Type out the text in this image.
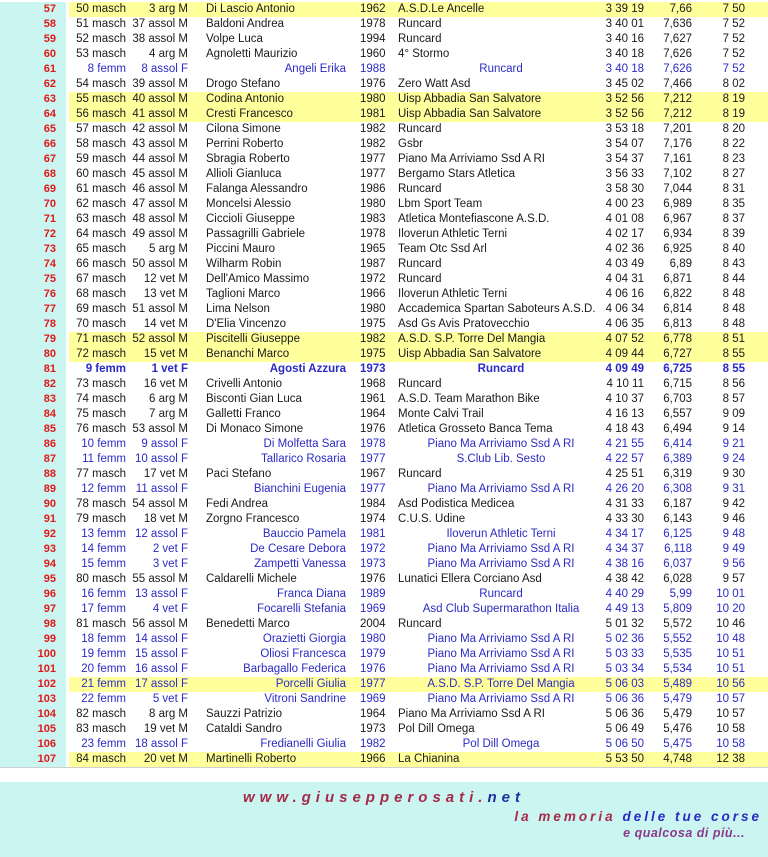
57	50 masch	3 arg M	Di Lascio Antonio	1962	A.S.D.Le Ancelle	3 39 19	7,66	7 50
58	51 masch 37 assol M	Baldoni Andrea	1978	Runcard	3 40 01	7,636	7 52
59	52 masch 38 assol M	Volpe Luca	1994	Runcard	3 40 16	7,627	7 52
60	53 masch	4 arg M	Agnoletti Maurizio	1960	4° Stormo	3 40 18	7,626	7 52
61	8 femm	8 assol F	Angeli Erika	1988	Runcard	3 40 18	7,626	7 52
62	54 masch 39 assol M	Drogo Stefano	1976	Zero Watt Asd	3 45 02	7,466	8 02
63	55 masch 40 assol M	Codina Antonio	1980	Uisp Abbadia San Salvatore	3 52 56	7,212	8 19
64	56 masch 41 assol M	Cresti Francesco	1981	Uisp Abbadia San Salvatore	3 52 56	7,212	8 19
65	57 masch 42 assol M	Cilona Simone	1982	Runcard	3 53 18	7,201	8 20
66	58 masch 43 assol M	Perrini Roberto	1982	Gsbr	3 54 07	7,176	8 22
67	59 masch 44 assol M	Sbragia Roberto	1977	Piano Ma Arriviamo Ssd A RI	3 54 37	7,161	8 23
68	60 masch 45 assol M	Allioli Gianluca	1977	Bergamo Stars Atletica	3 56 33	7,102	8 27
69	61 masch 46 assol M	Falanga Alessandro	1986	Runcard	3 58 30	7,044	8 31
70	62 masch 47 assol M	Moncelsi Alessio	1980	Lbm Sport Team	4 00 23	6,989	8 35
71	63 masch 48 assol M	Ciccioli Giuseppe	1983	Atletica Montefiascone A.S.D.	4 01 08	6,967	8 37
72	64 masch 49 assol M	Passagrilli Gabriele	1978	Iloverun Athletic Terni	4 02 17	6,934	8 39
73	65 masch	5 arg M	Piccini Mauro	1965	Team Otc Ssd Arl	4 02 36	6,925	8 40
74	66 masch 50 assol M	Wilharm Robin	1987	Runcard	4 03 49	6,89	8 43
75	67 masch	12 vet M	Dell'Amico Massimo	1972	Runcard	4 04 31	6,871	8 44
76	68 masch	13 vet M	Taglioni Marco	1966	Iloverun Athletic Terni	4 06 16	6,822	8 48
77	69 masch 51 assol M	Lima Nelson	1980	Accademica Spartan Saboteurs A.S.D. 4 06 34	6,814	8 48
78	70 masch	14 vet M	D'Elia Vincenzo	1975	Asd Gs Avis Pratovecchio	4 06 35	6,813	8 48
79	71 masch 52 assol M	Piscitelli Giuseppe	1982	A.S.D. S.P. Torre Del Mangia	4 07 52	6,778	8 51
80	72 masch	15 vet M	Benanchi Marco	1975	Uisp Abbadia San Salvatore	4 09 44	6,727	8 55
81	9 femm	1 vet F	Agosti Azzura	1973	Runcard	4 09 49	6,725	8 55
82	73 masch	16 vet M	Crivelli Antonio	1968	Runcard	4 10 11	6,715	8 56
83	74 masch	6 arg M	Bisconti Gian Luca	1961	A.S.D. Team Marathon Bike	4 10 37	6,703	8 57
84	75 masch	7 arg M	Galletti Franco	1964	Monte Calvi Trail	4 16 13	6,557	9 09
85	76 masch 53 assol M	Di Monaco Simone	1976	Atletica Grosseto Banca Tema	4 18 43	6,494	9 14
86	10 femm	9 assol F	Di Molfetta Sara	1978	Piano Ma Arriviamo Ssd A RI	4 21 55	6,414	9 21
87	11 femm 10 assol F	Tallarico Rosaria	1977	S.Club Lib. Sesto	4 22 57	6,389	9 24
88	77 masch	17 vet M	Paci Stefano	1967	Runcard	4 25 51	6,319	9 30
89	12 femm 11 assol F	Bianchini Eugenia	1977	Piano Ma Arriviamo Ssd A RI	4 26 20	6,308	9 31
90	78 masch 54 assol M	Fedi Andrea	1984	Asd Podistica Medicea	4 31 33	6,187	9 42
91	79 masch	18 vet M	Zorgno Francesco	1974	C.U.S. Udine	4 33 30	6,143	9 46
92	13 femm 12 assol F	Bauccio Pamela	1981	Iloverun Athletic Terni	4 34 17	6,125	9 48
93	14 femm	2 vet F	De Cesare Debora	1972	Piano Ma Arriviamo Ssd A RI	4 34 37	6,118	9 49
94	15 femm	3 vet F	Zampetti Vanessa	1973	Piano Ma Arriviamo Ssd A RI	4 38 16	6,037	9 56
95	80 masch 55 assol M	Caldarelli Michele	1976	Lunatici Ellera Corciano Asd	4 38 42	6,028	9 57
96	16 femm 13 assol F	Franca Diana	1989	Runcard	4 40 29	5,99	10 01
97	17 femm	4 vet F	Focarelli Stefania	1969	Asd Club Supermarathon Italia	4 49 13	5,809	10 20
98	81 masch 56 assol M	Benedetti Marco	2004	Runcard	5 01 32	5,572	10 46
99	18 femm 14 assol F	Orazietti Giorgia	1980	Piano Ma Arriviamo Ssd A RI	5 02 36	5,552	10 48
100	19 femm 15 assol F	Oliosi Francesca	1979	Piano Ma Arriviamo Ssd A RI	5 03 33	5,535	10 51
101	20 femm 16 assol F	Barbagallo Federica	1976	Piano Ma Arriviamo Ssd A RI	5 03 34	5,534	10 51
102	21 femm 17 assol F	Porcelli Giulia	1977	A.S.D. S.P. Torre Del Mangia	5 06 03	5,489	10 56
103	22 femm	5 vet F	Vitroni Sandrine	1969	Piano Ma Arriviamo Ssd A RI	5 06 36	5,479	10 57
104	82 masch	8 arg M	Sauzzi Patrizio	1964	Piano Ma Arriviamo Ssd A RI	5 06 36	5,479	10 57
105	83 masch	19 vet M	Cataldi Sandro	1973	Pol Dill Omega	5 06 49	5,476	10 58
106	23 femm 18 assol F	Fredianelli Giulia	1982	Pol Dill Omega	5 06 50	5,475	10 58
107	84 masch	20 vet M	Martinelli Roberto	1966	La Chianina	5 53 50	4,748	12 38
www.giusepperosati.net
la memoria delle tue corse
e qualcosa di più...
